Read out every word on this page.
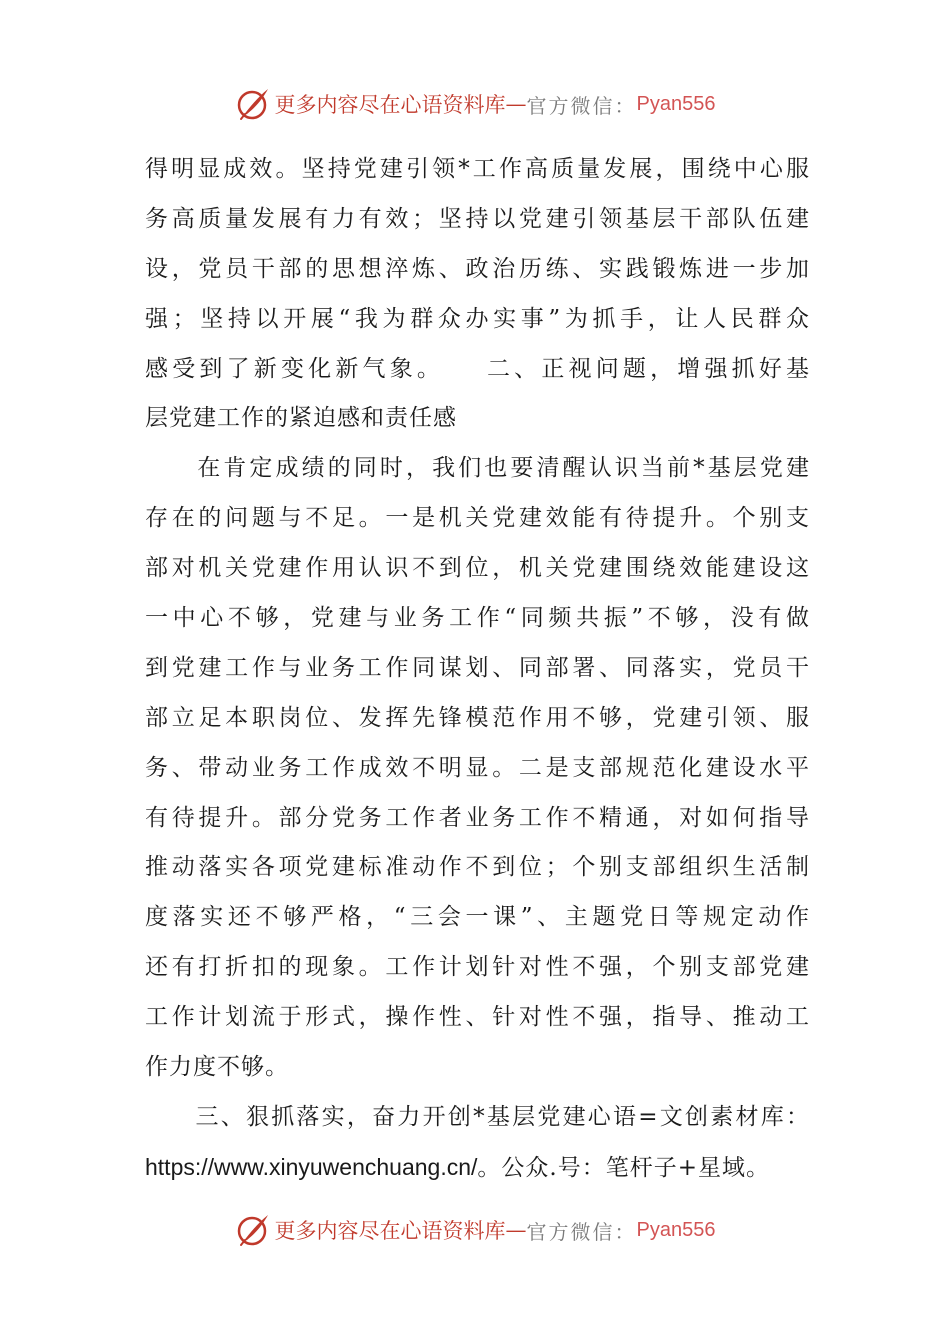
更多内容尽在心语资料库 — 官方微信： Pyan556
得明显成效。坚持党建引领*工作高质量发展，围绕中心服
务高质量发展有力有效；坚持以党建引领基层干部队伍建
设，党员干部的思想淬炼、政治历练、实践锻炼进一步加
强；坚持以开展“我为群众办实事”为抓手，让人民群众
感受到了新变化新气象。　　二、正视问题，增强抓好基
层党建工作的紧迫感和责任感
　　在肯定成绩的同时，我们也要清醒认识当前*基层党建
存在的问题与不足。一是机关党建效能有待提升。个别支
部对机关党建作用认识不到位，机关党建围绕效能建设这
一中心不够，党建与业务工作“同频共振”不够，没有做
到党建工作与业务工作同谋划、同部署、同落实，党员干
部立足本职岗位、发挥先锋模范作用不够，党建引领、服
务、带动业务工作成效不明显。二是支部规范化建设水平
有待提升。部分党务工作者业务工作不精通，对如何指导
推动落实各项党建标准动作不到位；个别支部组织生活制
度落实还不够严格，“三会一课”、主题党日等规定动作
还有打折扣的现象。工作计划针对性不强，个别支部党建
工作计划流于形式，操作性、针对性不强，指导、推动工
作力度不够。
　　三、狠抓落实，奋力开创*基层党建心语=文创素材库：
https://www.xinyuwenchuang.cn/。公众.号：笔杆子+星域。
更多内容尽在心语资料库 — 官方微信： Pyan556
